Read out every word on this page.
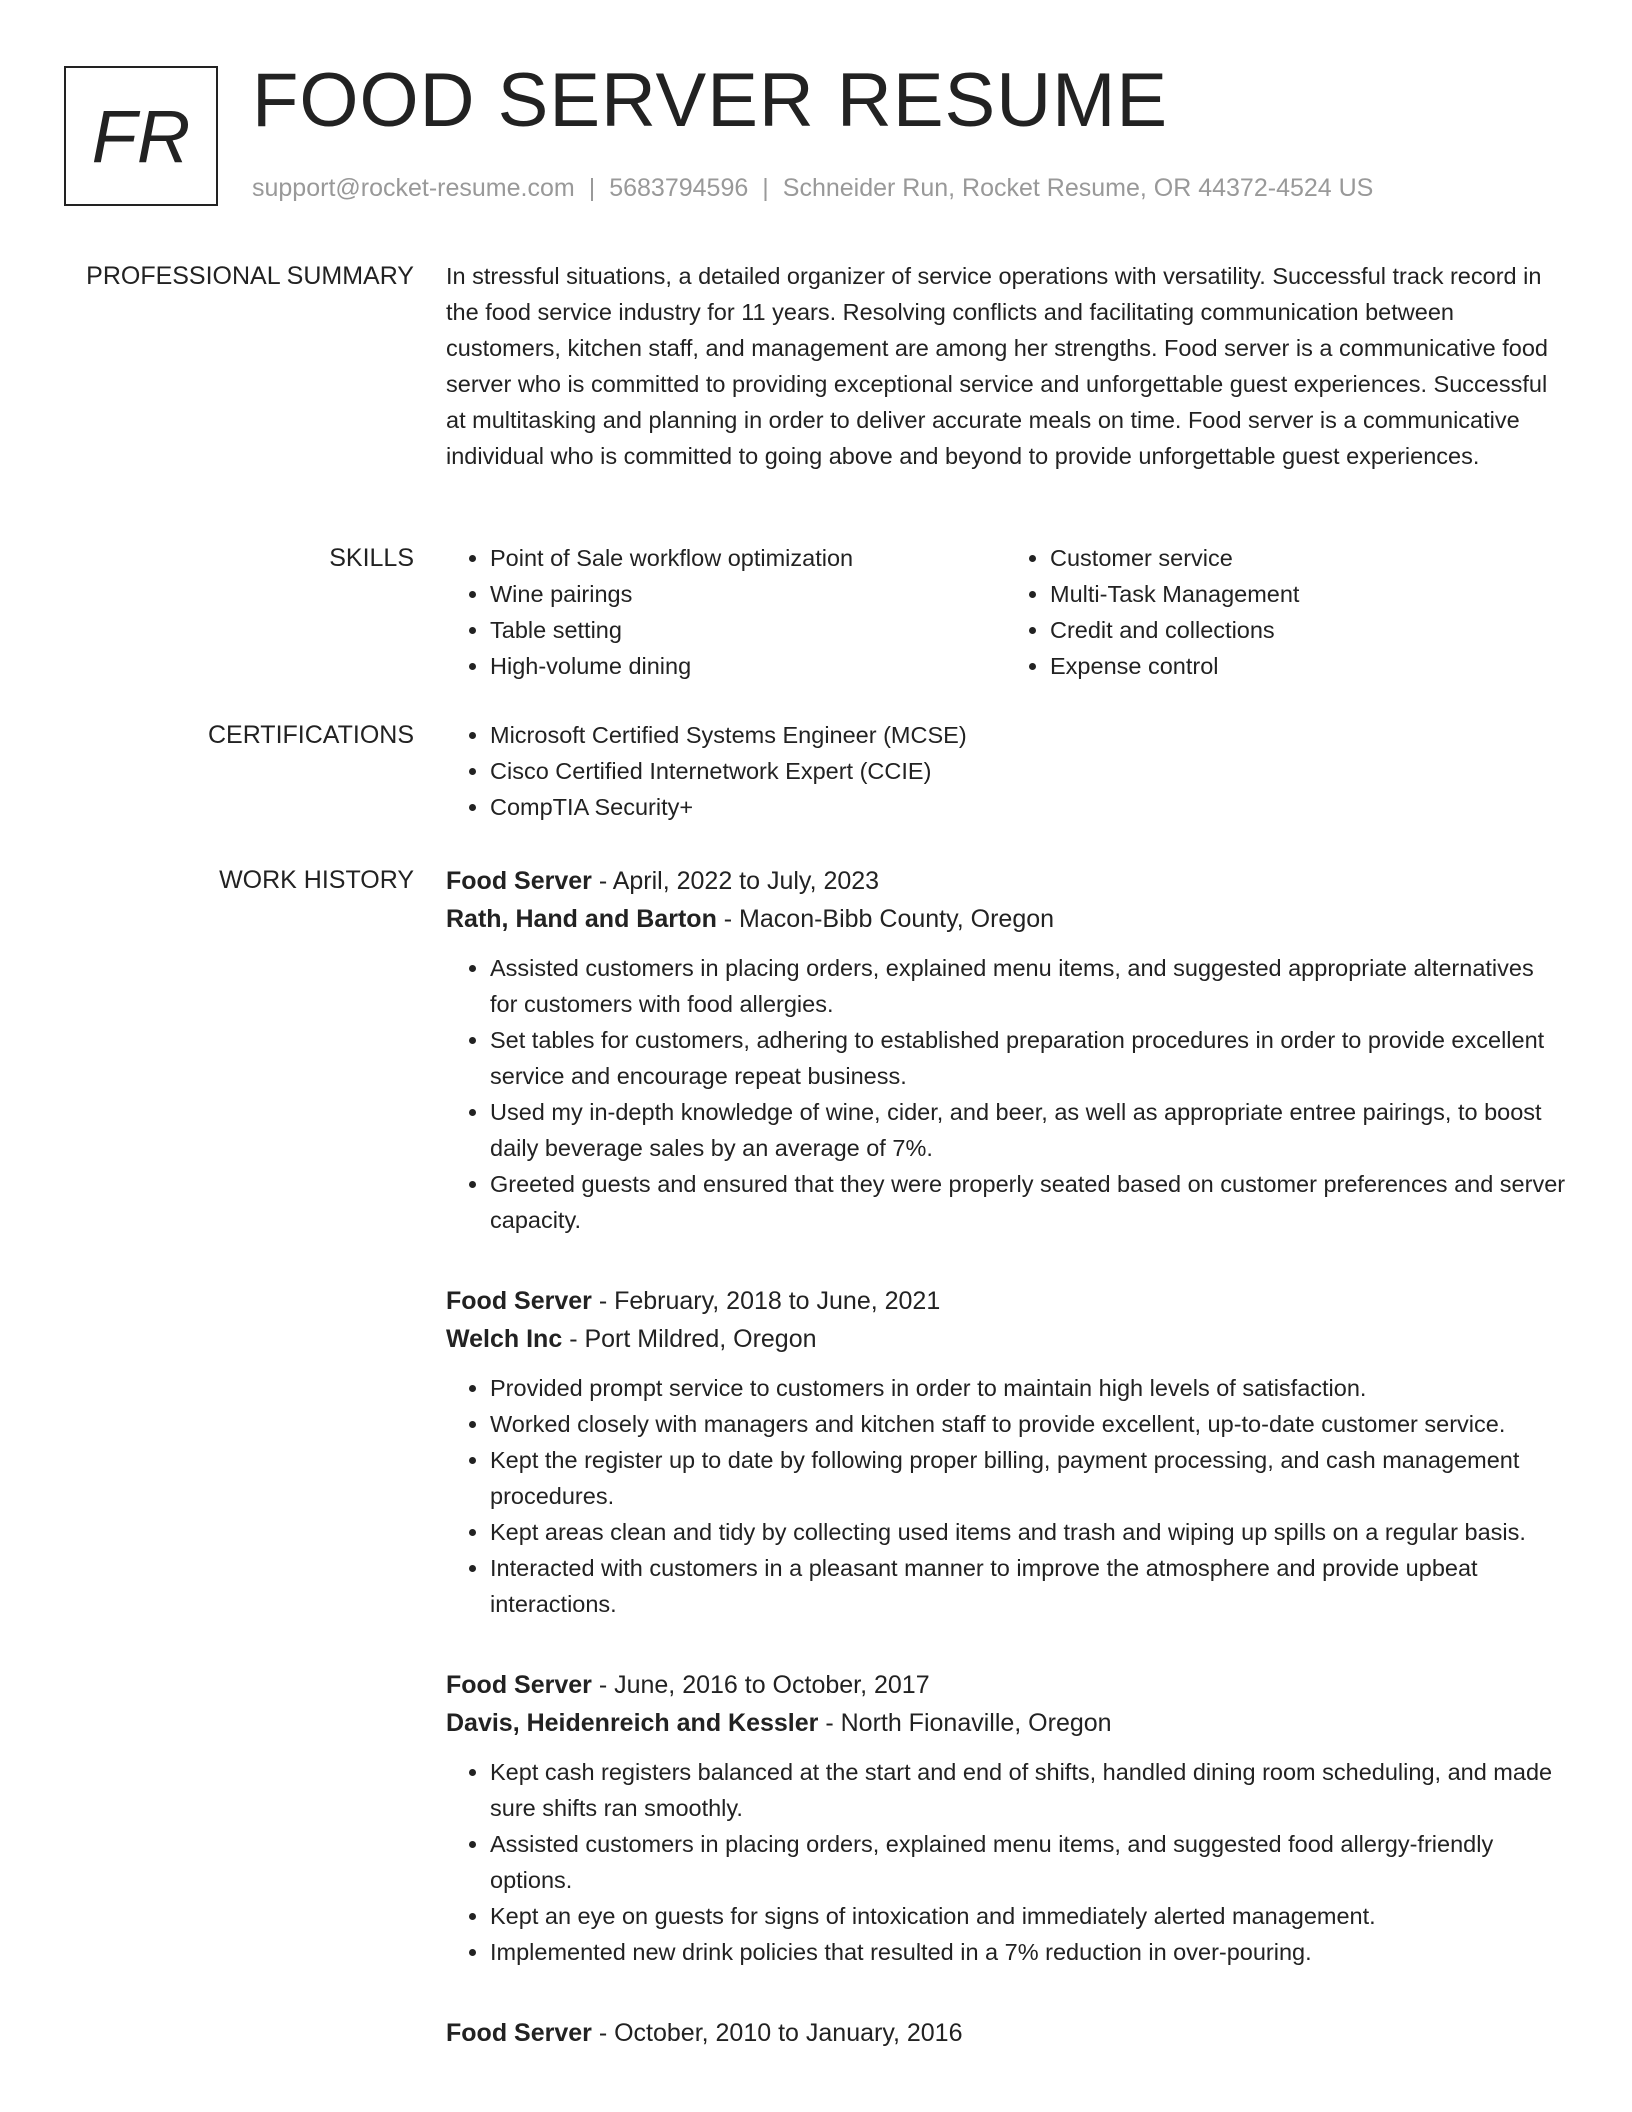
FR FOOD SERVER RESUME
support@rocket-resume.com | 5683794596 | Schneider Run, Rocket Resume, OR 44372-4524 US
PROFESSIONAL SUMMARY In stressful situations, a detailed organizer of service operations with versatility. Successful track record in the food service industry for 11 years. Resolving conflicts and facilitating communication between customers, kitchen staff, and management are among her strengths. Food server is a communicative food server who is committed to providing exceptional service and unforgettable guest experiences. Successful at multitasking and planning in order to deliver accurate meals on time. Food server is a communicative individual who is committed to going above and beyond to provide unforgettable guest experiences.
SKILLS	• Point of Sale workflow optimization
• Wine pairings
• Table setting
• High-volume dining
• Customer service
• Multi-Task Management
• Credit and collections
• Expense control
CERTIFICATIONS	• Microsoft Certified Systems Engineer (MCSE)
• Cisco Certified Internetwork Expert (CCIE)
• CompTIA Security+
WORK HISTORY Food Server - April, 2022 to July, 2023
Rath, Hand and Barton - Macon-Bibb County, Oregon
• Assisted customers in placing orders, explained menu items, and suggested appropriate alternatives for customers with food allergies.
• Set tables for customers, adhering to established preparation procedures in order to provide excellent service and encourage repeat business.
• Used my in-depth knowledge of wine, cider, and beer, as well as appropriate entree pairings, to boost daily beverage sales by an average of 7%.
• Greeted guests and ensured that they were properly seated based on customer preferences and server capacity.
Food Server - February, 2018 to June, 2021
Welch Inc - Port Mildred, Oregon
• Provided prompt service to customers in order to maintain high levels of satisfaction.
• Worked closely with managers and kitchen staff to provide excellent, up-to-date customer service.
• Kept the register up to date by following proper billing, payment processing, and cash management procedures.
• Kept areas clean and tidy by collecting used items and trash and wiping up spills on a regular basis.
• Interacted with customers in a pleasant manner to improve the atmosphere and provide upbeat interactions.
Food Server - June, 2016 to October, 2017
Davis, Heidenreich and Kessler - North Fionaville, Oregon
• Kept cash registers balanced at the start and end of shifts, handled dining room scheduling, and made sure shifts ran smoothly.
• Assisted customers in placing orders, explained menu items, and suggested food allergy-friendly options.
• Kept an eye on guests for signs of intoxication and immediately alerted management.
• Implemented new drink policies that resulted in a 7% reduction in over-pouring.
Food Server - October, 2010 to January, 2016
